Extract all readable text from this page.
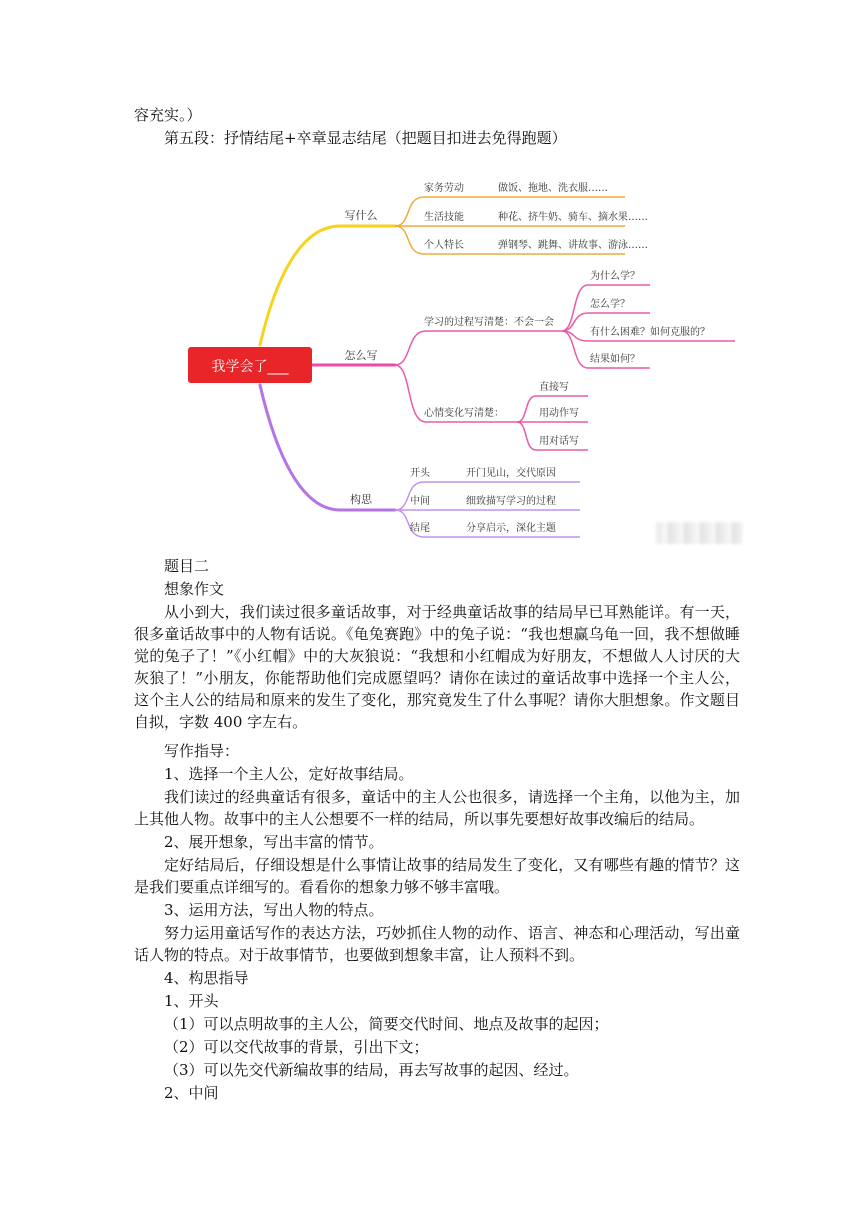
容充实。）
第五段：抒情结尾+卒章显志结尾（把题目扣进去免得跑题）
我学会了___
写什么
怎么写
构思
家务劳动	做饭、拖地、洗衣服……
生活技能	种花、挤牛奶、骑车、摘水果……
个人特长	弹钢琴、跳舞、讲故事、游泳……
学习的过程写清楚：不会一会
为什么学？
怎么学？
有什么困难？如何克服的？
结果如何？
心情变化写清楚：
直接写
用动作写
用对话写
开头	开门见山，交代原因
中间	细致描写学习的过程
结尾	分享启示，深化主题
题目二
想象作文
从小到大，我们读过很多童话故事，对于经典童话故事的结局早已耳熟能详。有一天，很多童话故事中的人物有话说。《龟兔赛跑》中的兔子说：“我也想赢乌龟一回，我不想做睡觉的兔子了！”《小红帽》中的大灰狼说：“我想和小红帽成为好朋友，不想做人人讨厌的大灰狼了！”小朋友，你能帮助他们完成愿望吗？请你在读过的童话故事中选择一个主人公，这个主人公的结局和原来的发生了变化，那究竟发生了什么事呢？请你大胆想象。作文题目自拟，字数 400 字左右。
写作指导：
1、选择一个主人公，定好故事结局。
我们读过的经典童话有很多，童话中的主人公也很多，请选择一个主角，以他为主，加上其他人物。故事中的主人公想要不一样的结局，所以事先要想好故事改编后的结局。
2、展开想象，写出丰富的情节。
定好结局后，仔细设想是什么事情让故事的结局发生了变化，又有哪些有趣的情节？这是我们要重点详细写的。看看你的想象力够不够丰富哦。
3、运用方法，写出人物的特点。
努力运用童话写作的表达方法，巧妙抓住人物的动作、语言、神态和心理活动，写出童话人物的特点。对于故事情节，也要做到想象丰富，让人预料不到。
4、构思指导
1、开头
（1）可以点明故事的主人公，简要交代时间、地点及故事的起因；
（2）可以交代故事的背景，引出下文；
（3）可以先交代新编故事的结局，再去写故事的起因、经过。
2、中间
